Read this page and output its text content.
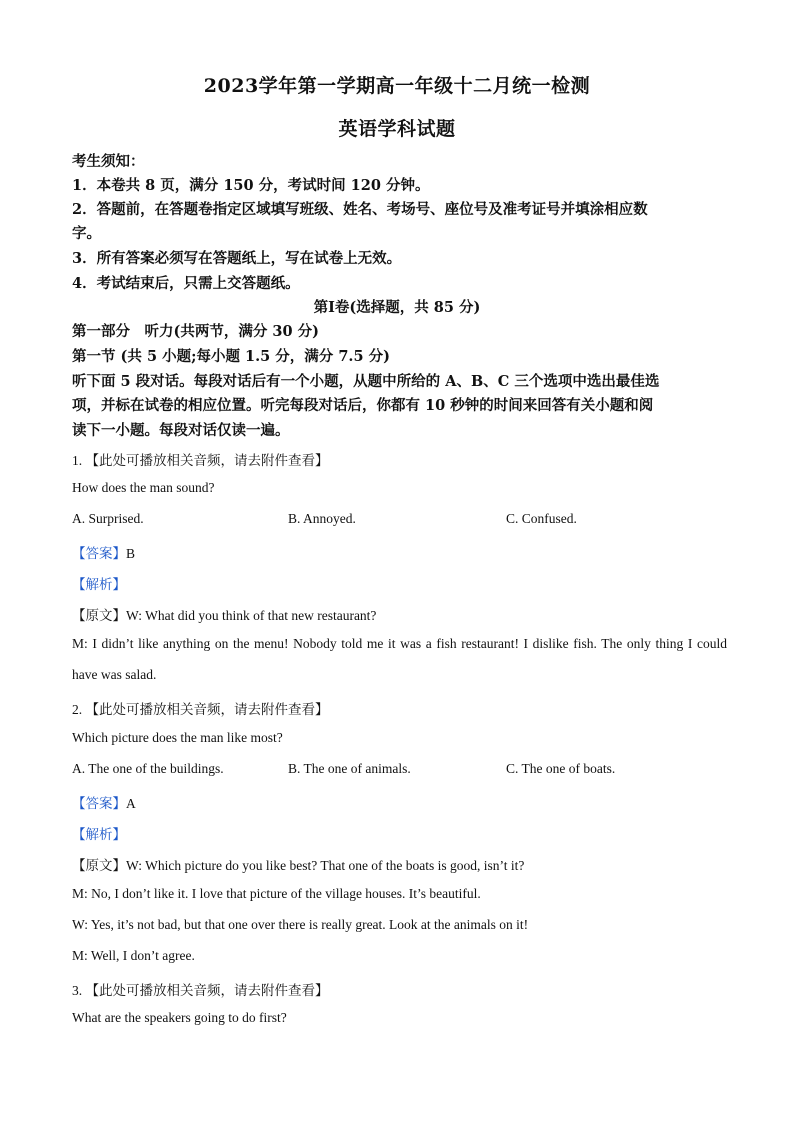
2023学年第一学期高一年级十二月统一检测
英语学科试题
考生须知：
1．本卷共 8 页，满分 150 分，考试时间 120 分钟。
2．答题前，在答题卷指定区域填写班级、姓名、考场号、座位号及准考证号并填涂相应数
字。
3．所有答案必须写在答题纸上，写在试卷上无效。
4．考试结束后，只需上交答题纸。
第Ⅰ卷(选择题，共 85 分)
第一部分　听力(共两节，满分 30 分)
第一节 (共 5 小题;每小题 1.5 分，满分 7.5 分)
听下面 5 段对话。每段对话后有一个小题，从题中所给的 A、B、C 三个选项中选出最佳选
项，并标在试卷的相应位置。听完每段对话后，你都有 10 秒钟的时间来回答有关小题和阅
读下一小题。每段对话仅读一遍。
1. 【此处可播放相关音频，请去附件查看】
How does the man sound?
A. Surprised.	B. Annoyed.	C. Confused.
【答案】B
【解析】
【原文】W: What did you think of that new restaurant?
M: I didn’t like anything on the menu! Nobody told me it was a fish restaurant! I dislike fish. The only thing I could
have was salad.
2. 【此处可播放相关音频，请去附件查看】
Which picture does the man like most?
A. The one of the buildings.	B. The one of animals.	C. The one of boats.
【答案】A
【解析】
【原文】W: Which picture do you like best? That one of the boats is good, isn’t it?
M: No, I don’t like it. I love that picture of the village houses. It’s beautiful.
W: Yes, it’s not bad, but that one over there is really great. Look at the animals on it!
M: Well, I don’t agree.
3. 【此处可播放相关音频，请去附件查看】
What are the speakers going to do first?
